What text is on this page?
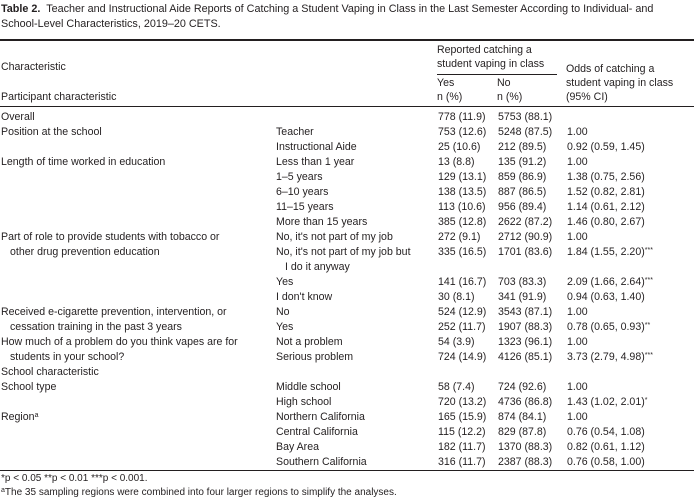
Table 2. Teacher and Instructional Aide Reports of Catching a Student Vaping in Class in the Last Semester According to Individual- and School-Level Characteristics, 2019–20 CETS.
Characteristic
Participant characteristic
Reported catching a
student vaping in class
Yes
n (%)
No
n (%)
Odds of catching a
student vaping in class
(95% CI)
Overall		778 (11.9)	5753 (88.1)	
Position at the school	Teacher	753 (12.6)	5248 (87.5)	1.00
	Instructional Aide	25 (10.6)	212 (89.5)	0.92 (0.59, 1.45)
Length of time worked in education	Less than 1 year	13 (8.8)	135 (91.2)	1.00
	1–5 years	129 (13.1)	859 (86.9)	1.38 (0.75, 2.56)
	6–10 years	138 (13.5)	887 (86.5)	1.52 (0.82, 2.81)
	11–15 years	113 (10.6)	956 (89.4)	1.14 (0.61, 2.12)
	More than 15 years	385 (12.8)	2622 (87.2)	1.46 (0.80, 2.67)
Part of role to provide students with tobacco or	No, it's not part of my job	272 (9.1)	2712 (90.9)	1.00
other drug prevention education	No, it's not part of my job but	335 (16.5)	1701 (83.6)	1.84 (1.55, 2.20)***
	I do it anyway			
	Yes	141 (16.7)	703 (83.3)	2.09 (1.66, 2.64)***
	I don't know	30 (8.1)	341 (91.9)	0.94 (0.63, 1.40)
Received e-cigarette prevention, intervention, or	No	524 (12.9)	3543 (87.1)	1.00
cessation training in the past 3 years	Yes	252 (11.7)	1907 (88.3)	0.78 (0.65, 0.93)**
How much of a problem do you think vapes are for	Not a problem	54 (3.9)	1323 (96.1)	1.00
students in your school?	Serious problem	724 (14.9)	4126 (85.1)	3.73 (2.79, 4.98)***
School characteristic				
School type	Middle school	58 (7.4)	724 (92.6)	1.00
	High school	720 (13.2)	4736 (86.8)	1.43 (1.02, 2.01)*
Region$^a$	Northern California	165 (15.9)	874 (84.1)	1.00
	Central California	115 (12.2)	829 (87.8)	0.76 (0.54, 1.08)
	Bay Area	182 (11.7)	1370 (88.3)	0.82 (0.61, 1.12)
	Southern California	316 (11.7)	2387 (88.3)	0.76 (0.58, 1.00)
*p < 0.05 **p < 0.01 ***p < 0.001.
$^a$The 35 sampling regions were combined into four larger regions to simplify the analyses.
